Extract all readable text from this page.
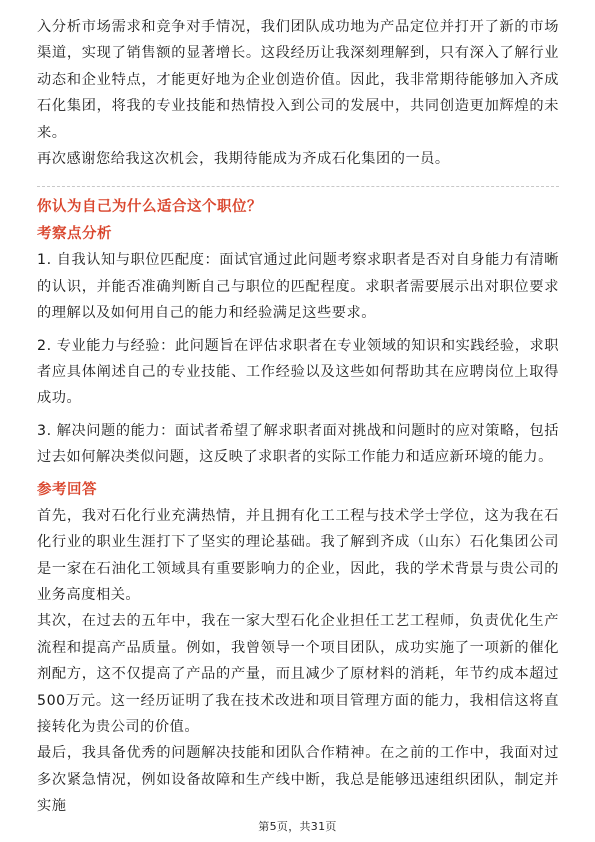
入分析市场需求和竞争对手情况，我们团队成功地为产品定位并打开了新的市场渠道，实现了销售额的显著增长。这段经历让我深刻理解到，只有深入了解行业动态和企业特点，才能更好地为企业创造价值。因此，我非常期待能够加入齐成石化集团，将我的专业技能和热情投入到公司的发展中，共同创造更加辉煌的未来。

再次感谢您给我这次机会，我期待能成为齐成石化集团的一员。

你认为自己为什么适合这个职位？

考察点分析

1. 自我认知与职位匹配度：面试官通过此问题考察求职者是否对自身能力有清晰的认识，并能否准确判断自己与职位的匹配程度。求职者需要展示出对职位要求的理解以及如何用自己的能力和经验满足这些要求。

2. 专业能力与经验：此问题旨在评估求职者在专业领域的知识和实践经验，求职者应具体阐述自己的专业技能、工作经验以及这些如何帮助其在应聘岗位上取得成功。

3. 解决问题的能力：面试者希望了解求职者面对挑战和问题时的应对策略，包括过去如何解决类似问题，这反映了求职者的实际工作能力和适应新环境的能力。

参考回答

首先，我对石化行业充满热情，并且拥有化工工程与技术学士学位，这为我在石化行业的职业生涯打下了坚实的理论基础。我了解到齐成（山东）石化集团公司是一家在石油化工领域具有重要影响力的企业，因此，我的学术背景与贵公司的业务高度相关。

其次，在过去的五年中，我在一家大型石化企业担任工艺工程师，负责优化生产流程和提高产品质量。例如，我曾领导一个项目团队，成功实施了一项新的催化剂配方，这不仅提高了产品的产量，而且减少了原材料的消耗，年节约成本超过500万元。这一经历证明了我在技术改进和项目管理方面的能力，我相信这将直接转化为贵公司的价值。

最后，我具备优秀的问题解决技能和团队合作精神。在之前的工作中，我面对过多次紧急情况，例如设备故障和生产线中断，我总是能够迅速组织团队，制定并实施

第5页，共31页
